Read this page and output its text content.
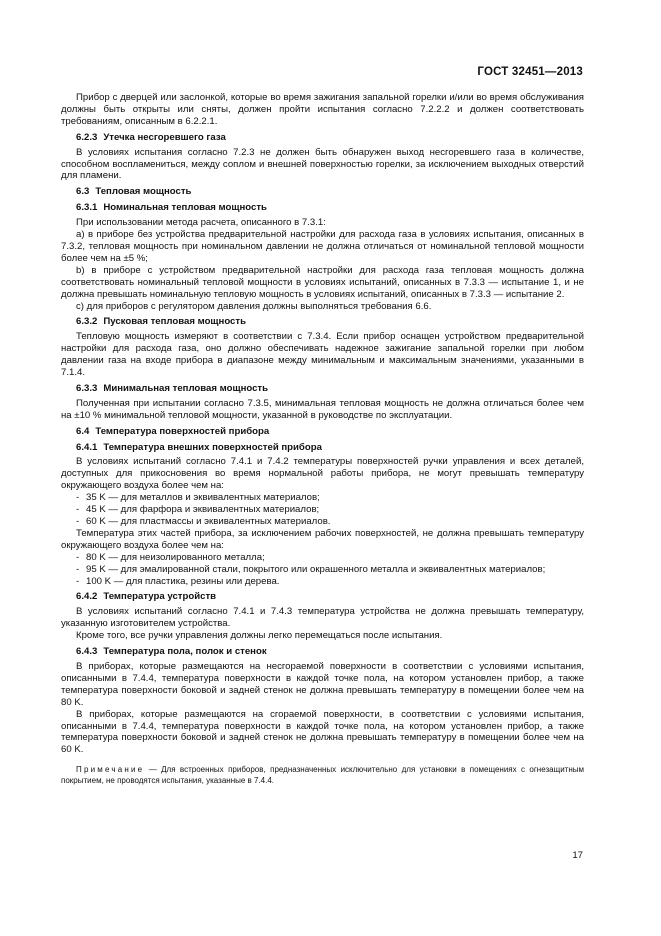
ГОСТ 32451—2013

Прибор с дверцей или заслонкой, которые во время зажигания запальной горелки и/или во время обслуживания должны быть открыты или сняты, должен пройти испытания согласно 7.2.2.2 и должен соответствовать требованиям, описанным в 6.2.2.1.

6.2.3 Утечка несгоревшего газа

В условиях испытания согласно 7.2.3 не должен быть обнаружен выход несгоревшего газа в количестве, способном воспламениться, между соплом и внешней поверхностью горелки, за исключением выходных отверстий для пламени.

6.3 Тепловая мощность
6.3.1 Номинальная тепловая мощность

При использовании метода расчета, описанного в 7.3.1:

a) в приборе без устройства предварительной настройки для расхода газа в условиях испытания, описанных в 7.3.2, тепловая мощность при номинальном давлении не должна отличаться от номинальной тепловой мощности более чем на ±5 %;

b) в приборе с устройством предварительной настройки для расхода газа тепловая мощность должна соответствовать номинальный тепловой мощности в условиях испытаний, описанных в 7.3.3 — испытание 1, и не должна превышать номинальную тепловую мощность в условиях испытаний, описанных в 7.3.3 — испытание 2.

c) для приборов с регулятором давления должны выполняться требования 6.6.

6.3.2 Пусковая тепловая мощность

Тепловую мощность измеряют в соответствии с 7.3.4. Если прибор оснащен устройством предварительной настройки для расхода газа, оно должно обеспечивать надежное зажигание запальной горелки при любом давлении газа на входе прибора в диапазоне между минимальным и максимальным значениями, указанными в 7.1.4.

6.3.3 Минимальная тепловая мощность

Полученная при испытании согласно 7.3.5, минимальная тепловая мощность не должна отличаться более чем на ±10 % минимальной тепловой мощности, указанной в руководстве по эксплуатации.

6.4 Температура поверхностей прибора
6.4.1 Температура внешних поверхностей прибора

В условиях испытаний согласно 7.4.1 и 7.4.2 температуры поверхностей ручки управления и всех деталей, доступных для прикосновения во время нормальной работы прибора, не могут превышать температуру окружающего воздуха более чем на:

- 35 K — для металлов и эквивалентных материалов;
- 45 K — для фарфора и эквивалентных материалов;
- 60 K — для пластмассы и эквивалентных материалов.

Температура этих частей прибора, за исключением рабочих поверхностей, не должна превышать температуру окружающего воздуха более чем на:

- 80 K — для неизолированного металла;
- 95 K — для эмалированной стали, покрытого или окрашенного металла и эквивалентных материалов;
- 100 K — для пластика, резины или дерева.
6.4.2 Температура устройств

В условиях испытаний согласно 7.4.1 и 7.4.3 температура устройства не должна превышать температуру, указанную изготовителем устройства.

Кроме того, все ручки управления должны легко перемещаться после испытания.

6.4.3 Температура пола, полок и стенок

В приборах, которые размещаются на несгораемой поверхности в соответствии с условиями испытания, описанными в 7.4.4, температура поверхности в каждой точке пола, на котором установлен прибор, а также температура поверхности боковой и задней стенок не должна превышать температуру в помещении более чем на 80 K.

В приборах, которые размещаются на сгораемой поверхности, в соответствии с условиями испытания, описанными в 7.4.4, температура поверхности в каждой точке пола, на котором установлен прибор, а также температура поверхности боковой и задней стенок не должна превышать температуру в помещении более чем на 60 K.

Примечание — Для встроенных приборов, предназначенных исключительно для установки в помещениях с огнезащитным покрытием, не проводятся испытания, указанные в 7.4.4.
17
